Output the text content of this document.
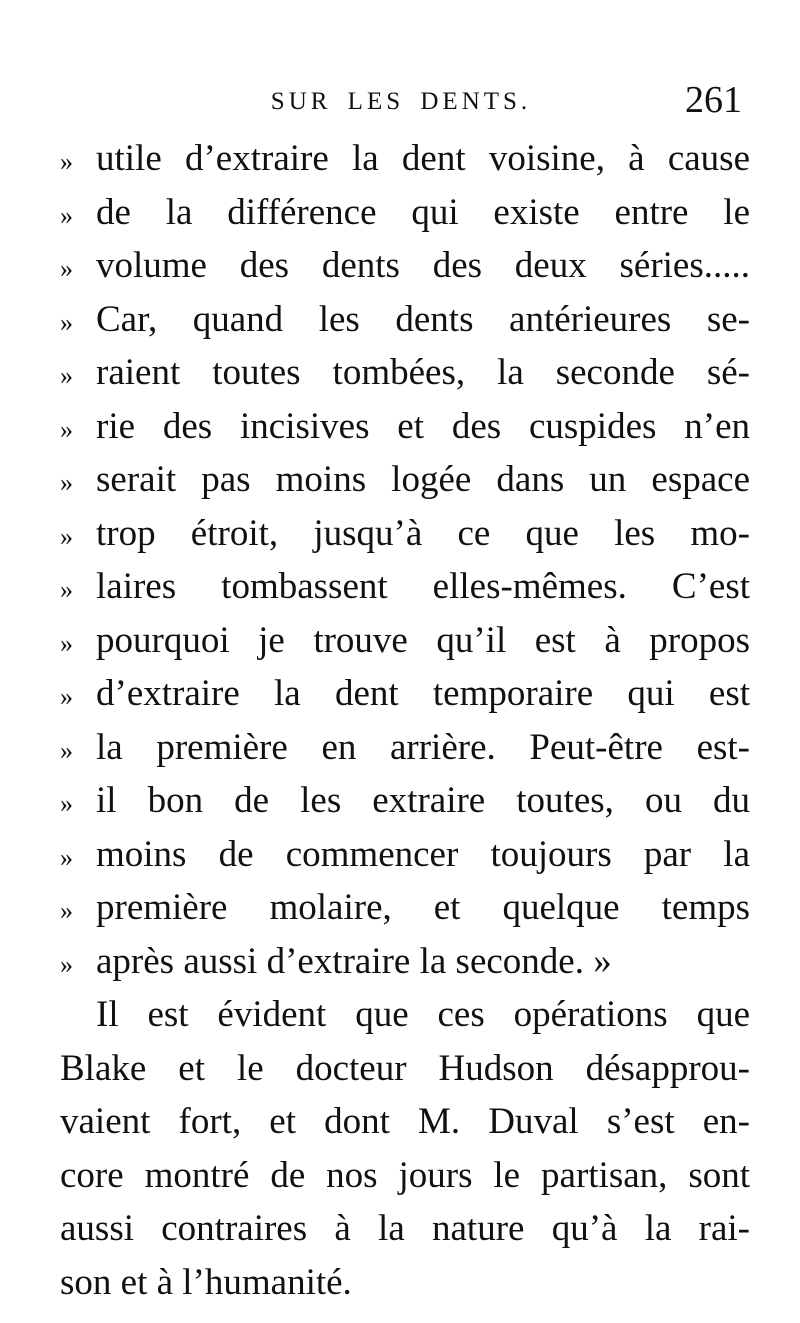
SUR LES DENTS.	261
» utile d’extraire la dent voisine, à cause
» de la différence qui existe entre le
» volume des dents des deux séries.....
» Car, quand les dents antérieures se-
» raient toutes tombées, la seconde sé-
» rie des incisives et des cuspides n’en
» serait pas moins logée dans un espace
» trop étroit, jusqu’à ce que les mo-
» laires tombassent elles-mêmes. C’est
» pourquoi je trouve qu’il est à propos
» d’extraire la dent temporaire qui est
» la première en arrière. Peut-être est-
» il bon de les extraire toutes, ou du
» moins de commencer toujours par la
» première molaire, et quelque temps
» après aussi d’extraire la seconde. »
Il est évident que ces opérations que
Blake et le docteur Hudson désapprou-
vaient fort, et dont M. Duval s’est en-
core montré de nos jours le partisan, sont
aussi contraires à la nature qu’à la rai-
son et à l’humanité.
